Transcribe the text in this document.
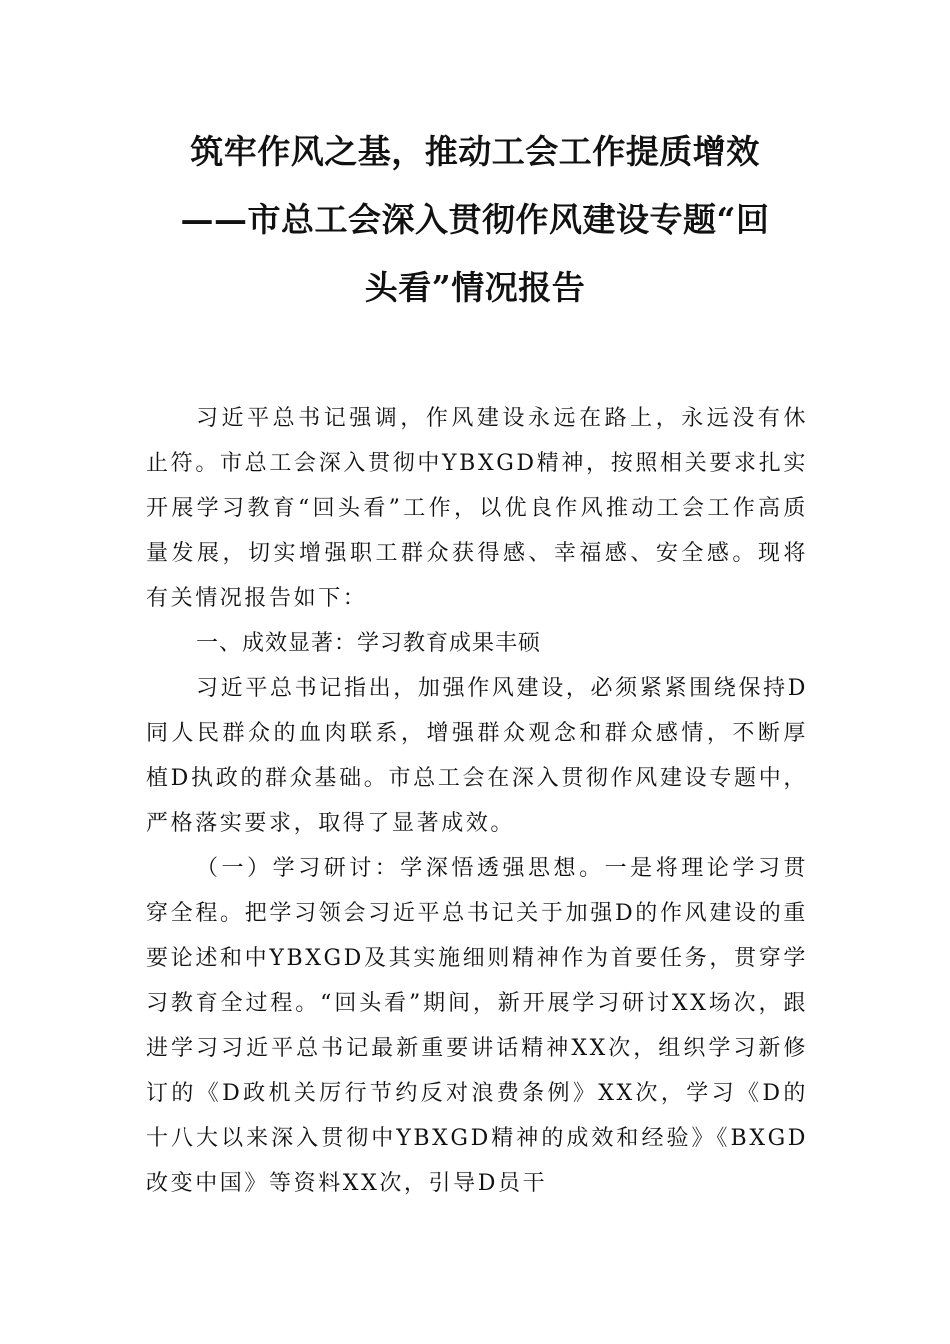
筑牢作风之基，推动工会工作提质增效
——市总工会深入贯彻作风建设专题“回
头看”情况报告

习近平总书记强调，作风建设永远在路上，永远没有休止符。市总工会深入贯彻中YBXGD精神，按照相关要求扎实开展学习教育“回头看”工作，以优良作风推动工会工作高质量发展，切实增强职工群众获得感、幸福感、安全感。现将有关情况报告如下：

一、成效显著：学习教育成果丰硕

习近平总书记指出，加强作风建设，必须紧紧围绕保持D同人民群众的血肉联系，增强群众观念和群众感情，不断厚植D执政的群众基础。市总工会在深入贯彻作风建设专题中，严格落实要求，取得了显著成效。

（一）学习研讨：学深悟透强思想。一是将理论学习贯穿全程。把学习领会习近平总书记关于加强D的作风建设的重要论述和中YBXGD及其实施细则精神作为首要任务，贯穿学习教育全过程。“回头看”期间，新开展学习研讨XX场次，跟进学习习近平总书记最新重要讲话精神XX次，组织学习新修订的《D政机关厉行节约反对浪费条例》XX次，学习《D的十八大以来深入贯彻中YBXGD精神的成效和经验》《BXGD改变中国》等资料XX次，引导D员干
